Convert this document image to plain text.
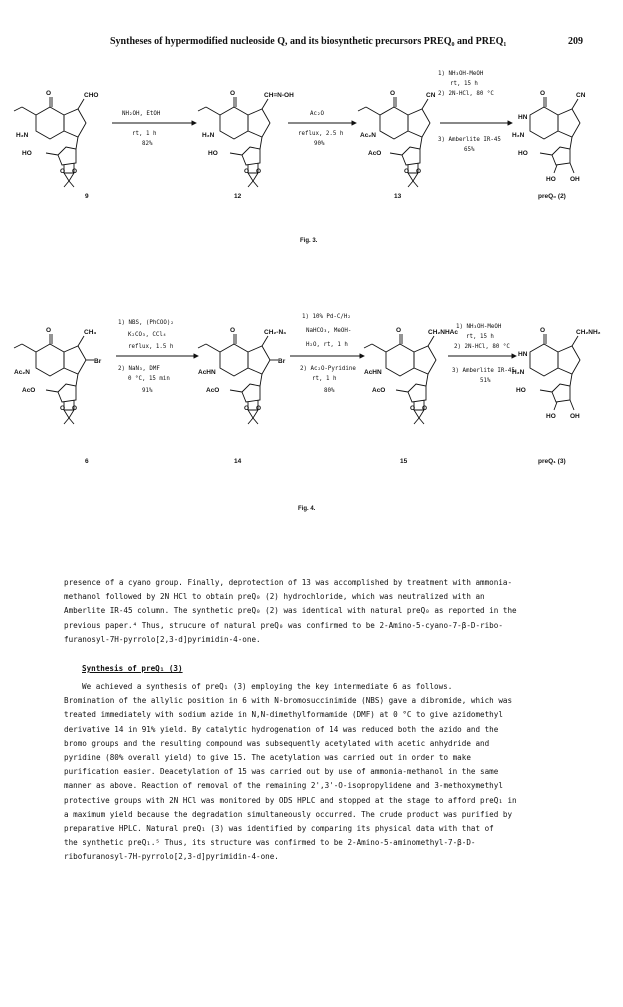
Syntheses of hypermodified nucleoside Q, and its biosynthetic precursors PREQ₀ and PREQ₁	209
O	CHO
H₂N
HO
O O
O	CH=N-OH
H₂N
HO
O O
O	CN
Ac₂N
AcO
O O
O	CN
HN
H₂N
HO
HO OH
NH₂OH, EtOH
rt, 1 h
82%
Ac₂O
reflux, 2.5 h
90%
1) NH₃OH-MeOH
rt, 15 h
2) 2N-HCl, 80 °C
3) Amberlite IR-45
65%
9	12	13	preQ₀ (2)
Fig. 3.
O	CH₃
Br
Ac₂N
AcO
O O
O	CH₂-N₃
Br
AcHN
AcO
O O
O	CH₂NHAc
AcHN
AcO
O O
O	CH₂NH₂
HN
H₂N
HO
HO OH
1) NBS, (PhCOO)₂
K₂CO₃, CCl₄
reflux, 1.5 h
2) NaN₃, DMF
0 °C, 15 min
91%
1) 10% Pd-C/H₂
NaHCO₃, MeOH-
H₂O, rt, 1 h
2) Ac₂O-Pyridine
rt, 1 h
80%
1) NH₃OH-MeOH
rt, 15 h
2) 2N-HCl, 80 °C
3) Amberlite IR-45
51%
6	14	15	preQ₁ (3)
Fig. 4.

presence of a cyano group. Finally, deprotection of 13 was accomplished by treatment with ammonia-

methanol followed by 2N HCl to obtain preQ₀ (2) hydrochloride, which was neutralized with an

Amberlite IR-45 column. The synthetic preQ₀ (2) was identical with natural preQ₀ as reported in the

previous paper.⁴ Thus, strucure of natural preQ₀ was confirmed to be 2-Amino-5-cyano-7-β-D-ribo-

furanosyl-7H-pyrrolo[2,3-d]pyrimidin-4-one.

Synthesis of preQ₁ (3)

We achieved a synthesis of preQ₁ (3) employing the key intermediate 6 as follows.

Bromination of the allylic position in 6 with N-bromosuccinimide (NBS) gave a dibromide, which was

treated immediately with sodium azide in N,N-dimethylformamide (DMF) at 0 °C to give azidomethyl

derivative 14 in 91% yield. By catalytic hydrogenation of 14 was reduced both the azido and the

bromo groups and the resulting compound was subsequently acetylated with acetic anhydride and

pyridine (80% overall yield) to give 15. The acetylation was carried out in order to make

purification easier. Deacetylation of 15 was carried out by use of ammonia-methanol in the same

manner as above. Reaction of removal of the remaining 2',3'-O-isopropylidene and 3-methoxymethyl

protective groups with 2N HCl was monitored by ODS HPLC and stopped at the stage to afford preQ₁ in

a maximum yield because the degradation simultaneously occurred. The crude product was purified by

preparative HPLC. Natural preQ₁ (3) was identified by comparing its physical data with that of

the synthetic preQ₁.⁵ Thus, its structure was confirmed to be 2-Amino-5-aminomethyl-7-β-D-

ribofuranosyl-7H-pyrrolo[2,3-d]pyrimidin-4-one.
